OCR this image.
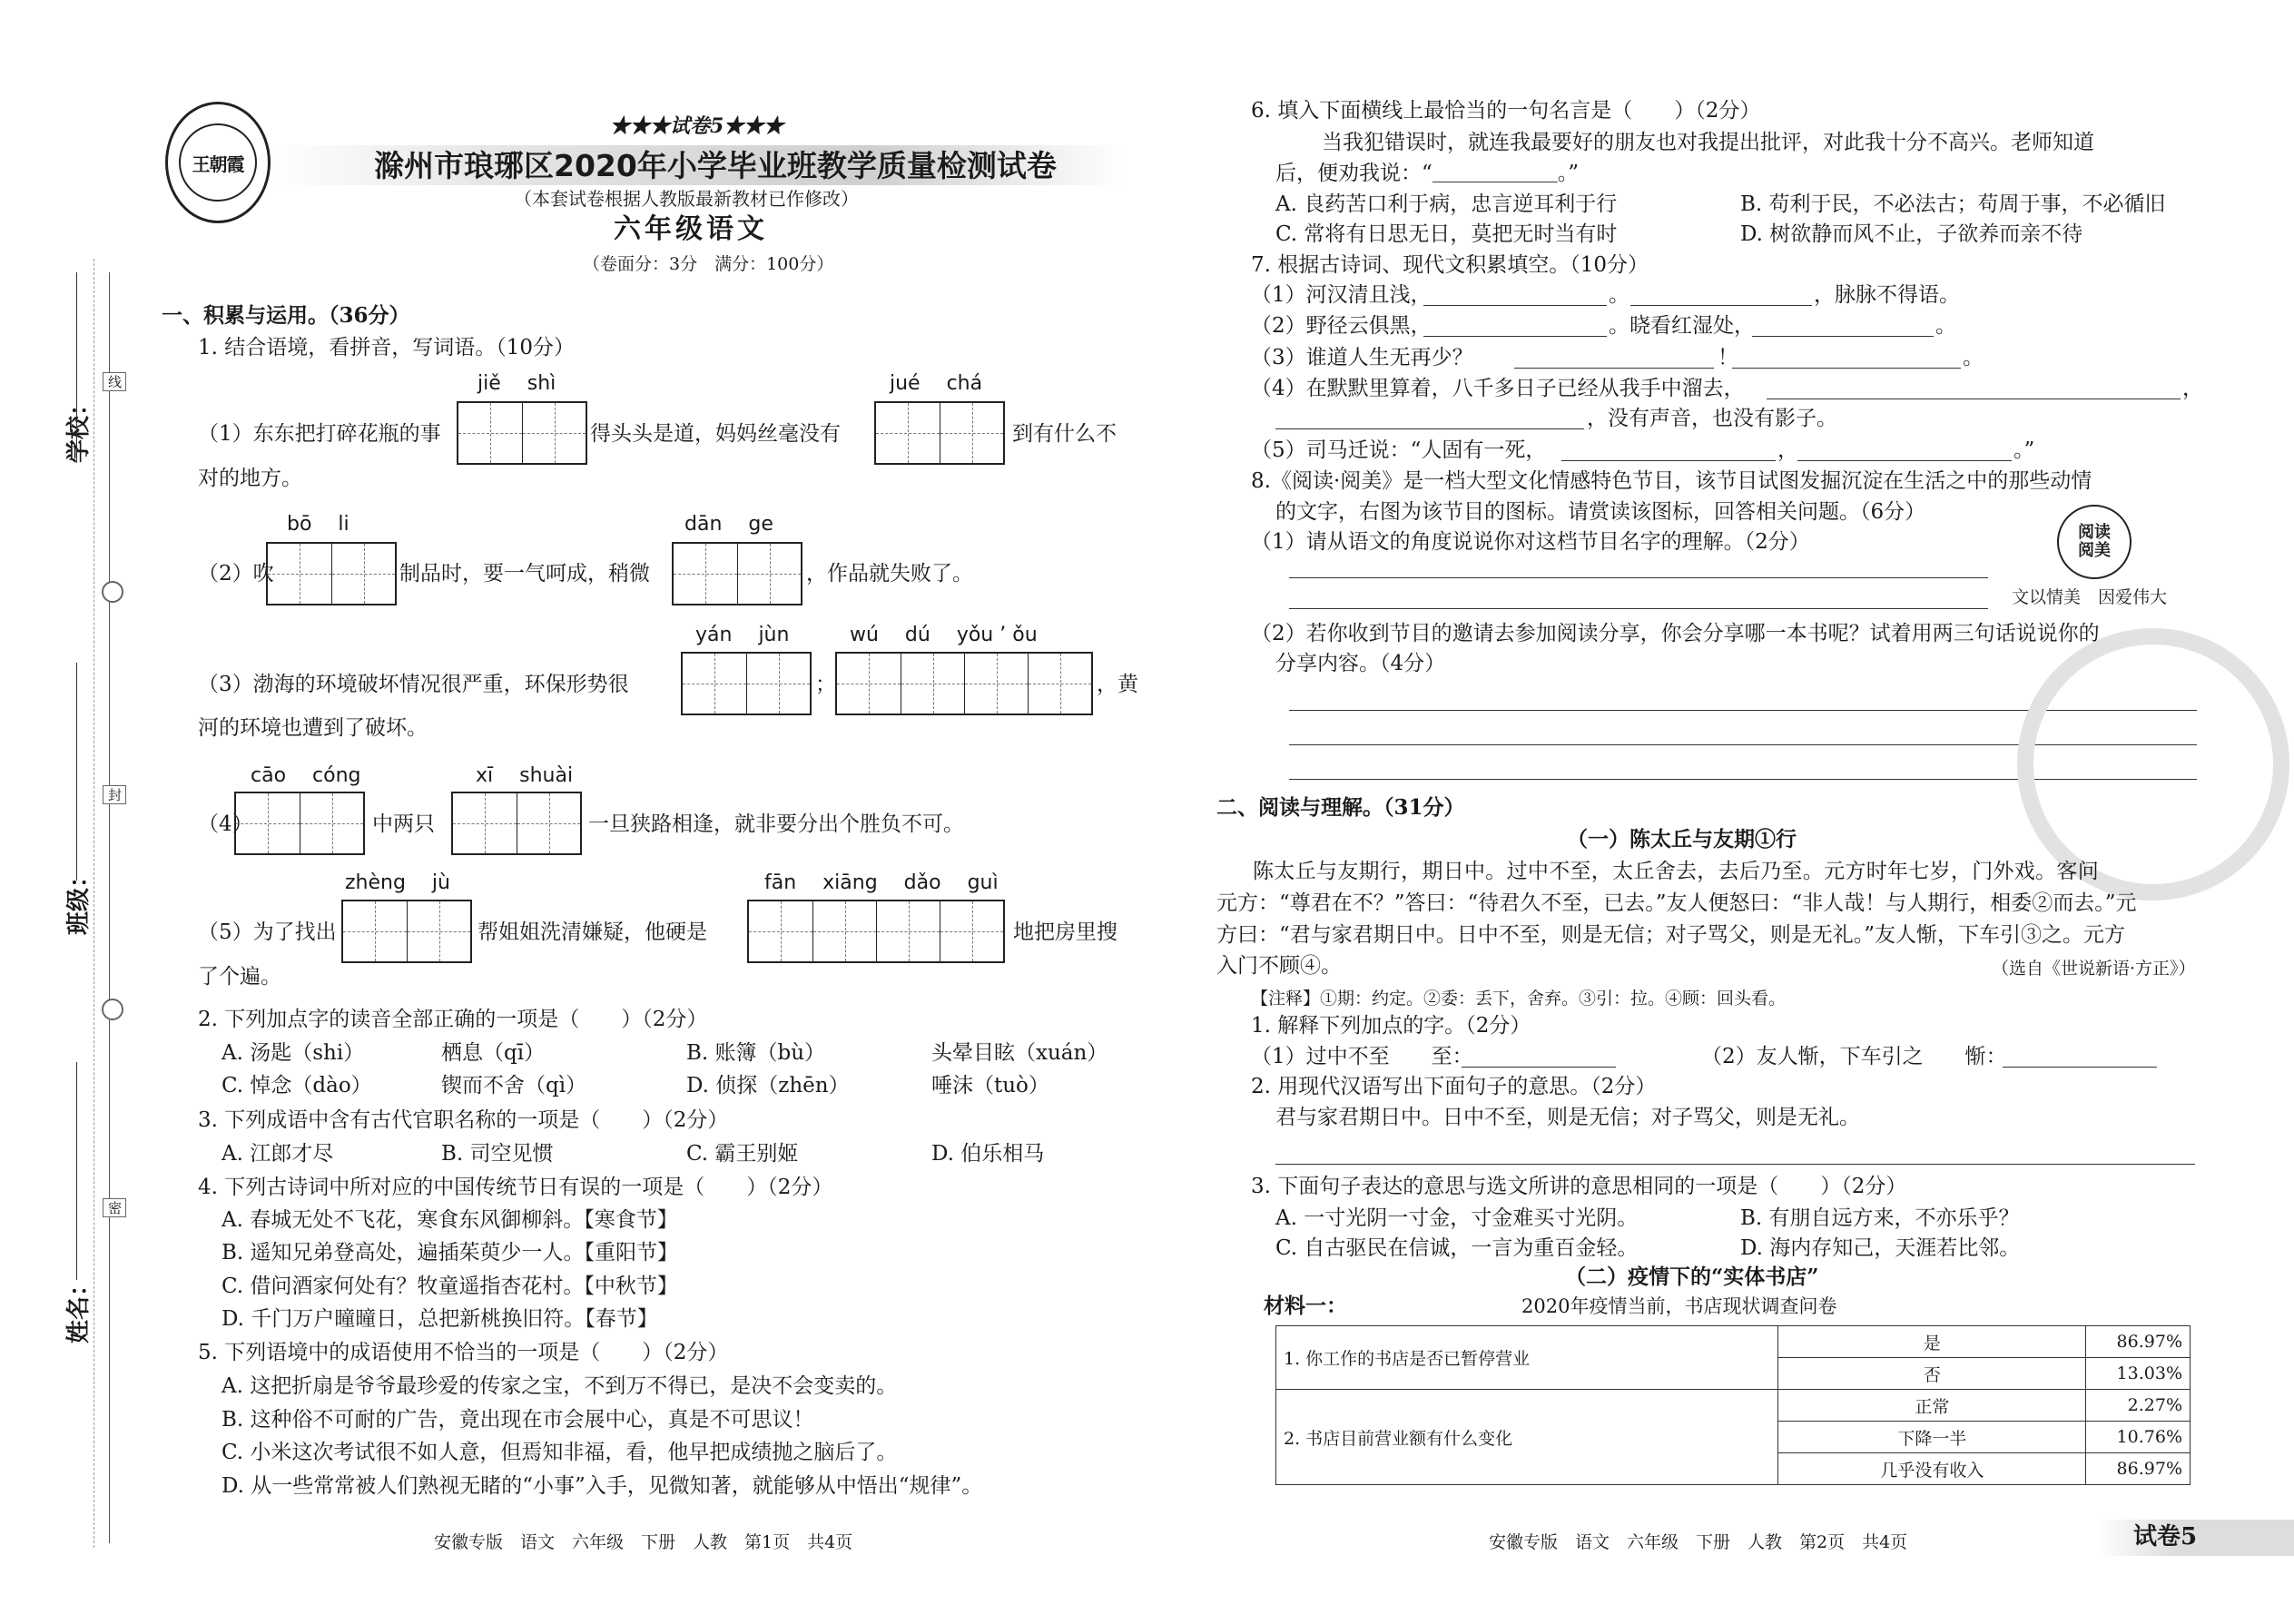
线
封
密
学校：
班级：
姓名：
王朝霞
★★★试卷5★★★
滁州市琅琊区2020年小学毕业班教学质量检测试卷
（本套试卷根据人教版最新教材已作修改）
六年级语文
（卷面分：3分　满分：100分）
一、积累与运用。（36分）
1. 结合语境，看拼音，写词语。（10分）
jiě　 shì	jué　 chá
（1）东东把打碎花瓶的事	得头头是道，妈妈丝毫没有	到有什么不
对的地方。
bō　 li	dān　 ge
（2）吹	制品时，要一气呵成，稍微	，作品就失败了。
yán　 jùn	wú　 dú　 yǒu ’ ǒu
（3）渤海的环境破坏情况很严重，环保形势很	；	，黄
河的环境也遭到了破坏。
cāo　 cóng	xī　 shuài
（4）	中两只	一旦狭路相逢，就非要分出个胜负不可。
zhèng　 jù	fān　 xiāng　 dǎo　 guì
（5）为了找出	帮姐姐洗清嫌疑，他硬是	地把房里搜
了个遍。
2. 下列加点字的读音全部正确的一项是（　　）（2分）
A. 汤匙（shi）	栖息（qī）	B. 账簿（bù）	头晕目眩（xuán）
C. 悼念（dào）	锲而不舍（qì）	D. 侦探（zhēn）	唾沫（tuò）
3. 下列成语中含有古代官职名称的一项是（　　）（2分）
A. 江郎才尽	B. 司空见惯	C. 霸王别姬	D. 伯乐相马
4. 下列古诗词中所对应的中国传统节日有误的一项是（　　）（2分）
A. 春城无处不飞花，寒食东风御柳斜。【寒食节】
B. 遥知兄弟登高处，遍插茱萸少一人。【重阳节】
C. 借问酒家何处有？牧童遥指杏花村。【中秋节】
D. 千门万户曈曈日，总把新桃换旧符。【春节】
5. 下列语境中的成语使用不恰当的一项是（　　）（2分）
A. 这把折扇是爷爷最珍爱的传家之宝，不到万不得已，是决不会变卖的。
B. 这种俗不可耐的广告，竟出现在市会展中心，真是不可思议！
C. 小米这次考试很不如人意，但焉知非福，看，他早把成绩抛之脑后了。
D. 从一些常常被人们熟视无睹的“小事”入手，见微知著，就能够从中悟出“规律”。
安徽专版　语文　六年级　下册　人教　第1页　共4页
6. 填入下面横线上最恰当的一句名言是（　　）（2分）
当我犯错误时，就连我最要好的朋友也对我提出批评，对此我十分不高兴。老师知道
后，便劝我说：“＿＿＿＿＿＿。”
A. 良药苦口利于病，忠言逆耳利于行	B. 苟利于民，不必法古；苟周于事，不必循旧
C. 常将有日思无日，莫把无时当有时	D. 树欲静而风不止，子欲养而亲不待
7. 根据古诗词、现代文积累填空。（10分）
（1）河汉清且浅，	。	，脉脉不得语。
（2）野径云俱黑，	。晓看红湿处，	。
（3）谁道人生无再少？	！	。
（4）在默默里算着，八千多日子已经从我手中溜去，	，
，没有声音，也没有影子。
（5）司马迁说：“人固有一死，	，	。”
8.《阅读·阅美》是一档大型文化情感特色节目，该节目试图发掘沉淀在生活之中的那些动情
的文字，右图为该节目的图标。请赏读该图标，回答相关问题。（6分）
（1）请从语文的角度说说你对这档节目名字的理解。（2分）	阅读阅美
文以情美　因爱伟大
（2）若你收到节目的邀请去参加阅读分享，你会分享哪一本书呢？试着用两三句话说说你的
分享内容。（4分）
二、阅读与理解。（31分）
（一）陈太丘与友期①行
陈太丘与友期行，期日中。过中不至，太丘舍去，去后乃至。元方时年七岁，门外戏。客问
元方：“尊君在不？”答曰：“待君久不至，已去。”友人便怒曰：“非人哉！与人期行，相委②而去。”元
方曰：“君与家君期日中。日中不至，则是无信；对子骂父，则是无礼。”友人惭，下车引③之。元方
入门不顾④。	（选自《世说新语·方正》）
【注释】①期：约定。②委：丢下，舍弃。③引：拉。④顾：回头看。
1. 解释下列加点的字。（2分）
（1）过中不至　　至：	（2）友人惭，下车引之　　惭：
2. 用现代汉语写出下面句子的意思。（2分）
君与家君期日中。日中不至，则是无信；对子骂父，则是无礼。
3. 下面句子表达的意思与选文所讲的意思相同的一项是（　　）（2分）
A. 一寸光阴一寸金，寸金难买寸光阴。	B. 有朋自远方来，不亦乐乎？
C. 自古驱民在信诚，一言为重百金轻。	D. 海内存知己，天涯若比邻。
（二）疫情下的“实体书店”
材料一：	2020年疫情当前，书店现状调查问卷
1. 你工作的书店是否已暂停营业	是	86.97%
	否	13.03%
2. 书店目前营业额有什么变化	正常	2.27%
	下降一半	10.76%
	几乎没有收入	86.97%
安徽专版　语文　六年级　下册　人教　第2页　共4页	试卷5
